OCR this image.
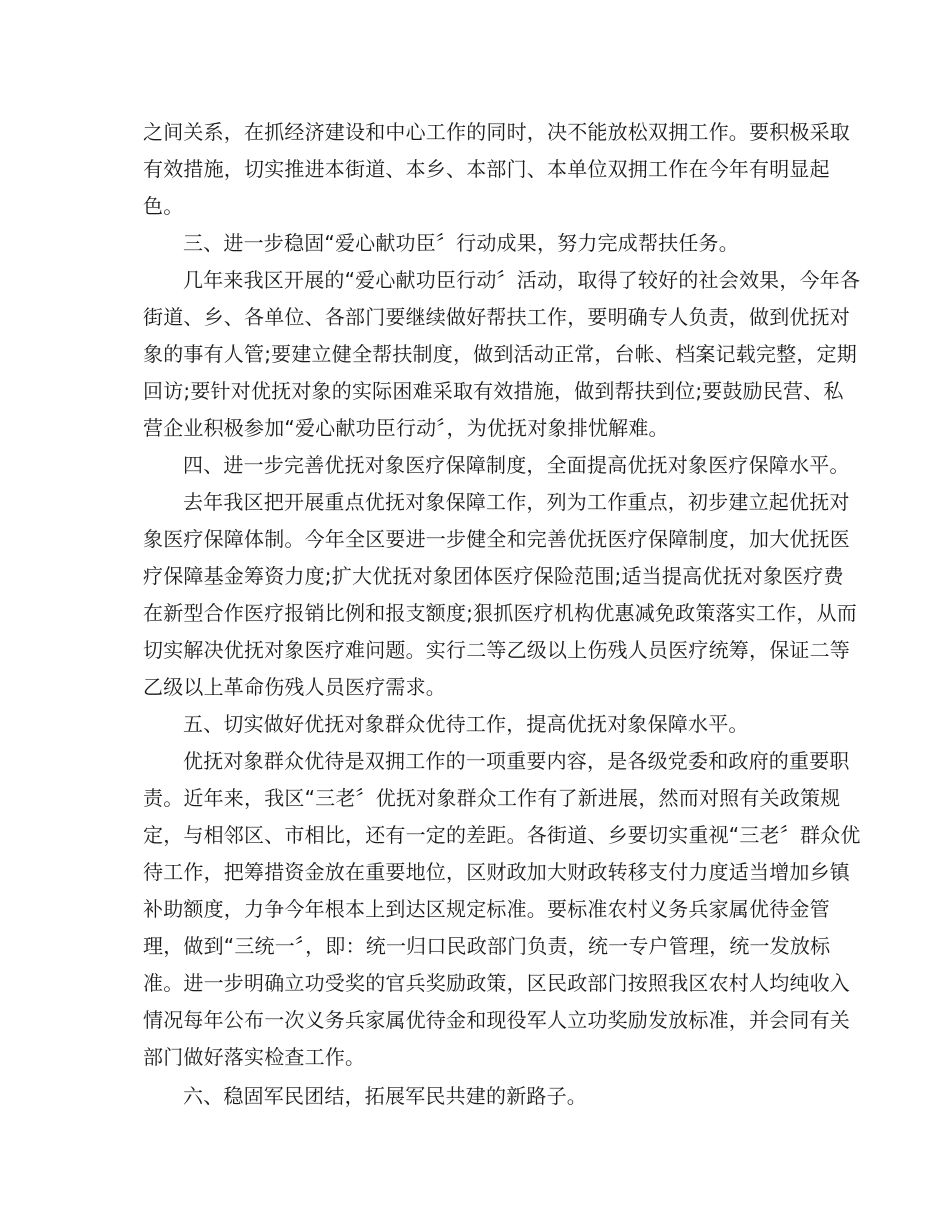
之间关系，在抓经济建设和中心工作的同时，决不能放松双拥工作。要积极采取
有效措施，切实推进本街道、本乡、本部门、本单位双拥工作在今年有明显起
色。
三、进一步稳固“爱心献功臣〞行动成果，努力完成帮扶任务。
几年来我区开展的“爱心献功臣行动〞活动，取得了较好的社会效果，今年各
街道、乡、各单位、各部门要继续做好帮扶工作，要明确专人负责，做到优抚对
象的事有人管;要建立健全帮扶制度，做到活动正常，台帐、档案记载完整，定期
回访;要针对优抚对象的实际困难采取有效措施，做到帮扶到位;要鼓励民营、私
营企业积极参加“爱心献功臣行动〞，为优抚对象排忧解难。
四、进一步完善优抚对象医疗保障制度，全面提高优抚对象医疗保障水平。
去年我区把开展重点优抚对象保障工作，列为工作重点，初步建立起优抚对
象医疗保障体制。今年全区要进一步健全和完善优抚医疗保障制度，加大优抚医
疗保障基金筹资力度;扩大优抚对象团体医疗保险范围;适当提高优抚对象医疗费
在新型合作医疗报销比例和报支额度;狠抓医疗机构优惠减免政策落实工作，从而
切实解决优抚对象医疗难问题。实行二等乙级以上伤残人员医疗统筹，保证二等
乙级以上革命伤残人员医疗需求。
五、切实做好优抚对象群众优待工作，提高优抚对象保障水平。
优抚对象群众优待是双拥工作的一项重要内容，是各级党委和政府的重要职
责。近年来，我区“三老〞优抚对象群众工作有了新进展，然而对照有关政策规
定，与相邻区、市相比，还有一定的差距。各街道、乡要切实重视“三老〞群众优
待工作，把筹措资金放在重要地位，区财政加大财政转移支付力度适当增加乡镇
补助额度，力争今年根本上到达区规定标准。要标准农村义务兵家属优待金管
理，做到“三统一〞，即：统一归口民政部门负责，统一专户管理，统一发放标
准。进一步明确立功受奖的官兵奖励政策，区民政部门按照我区农村人均纯收入
情况每年公布一次义务兵家属优待金和现役军人立功奖励发放标准，并会同有关
部门做好落实检查工作。
六、稳固军民团结，拓展军民共建的新路子。
